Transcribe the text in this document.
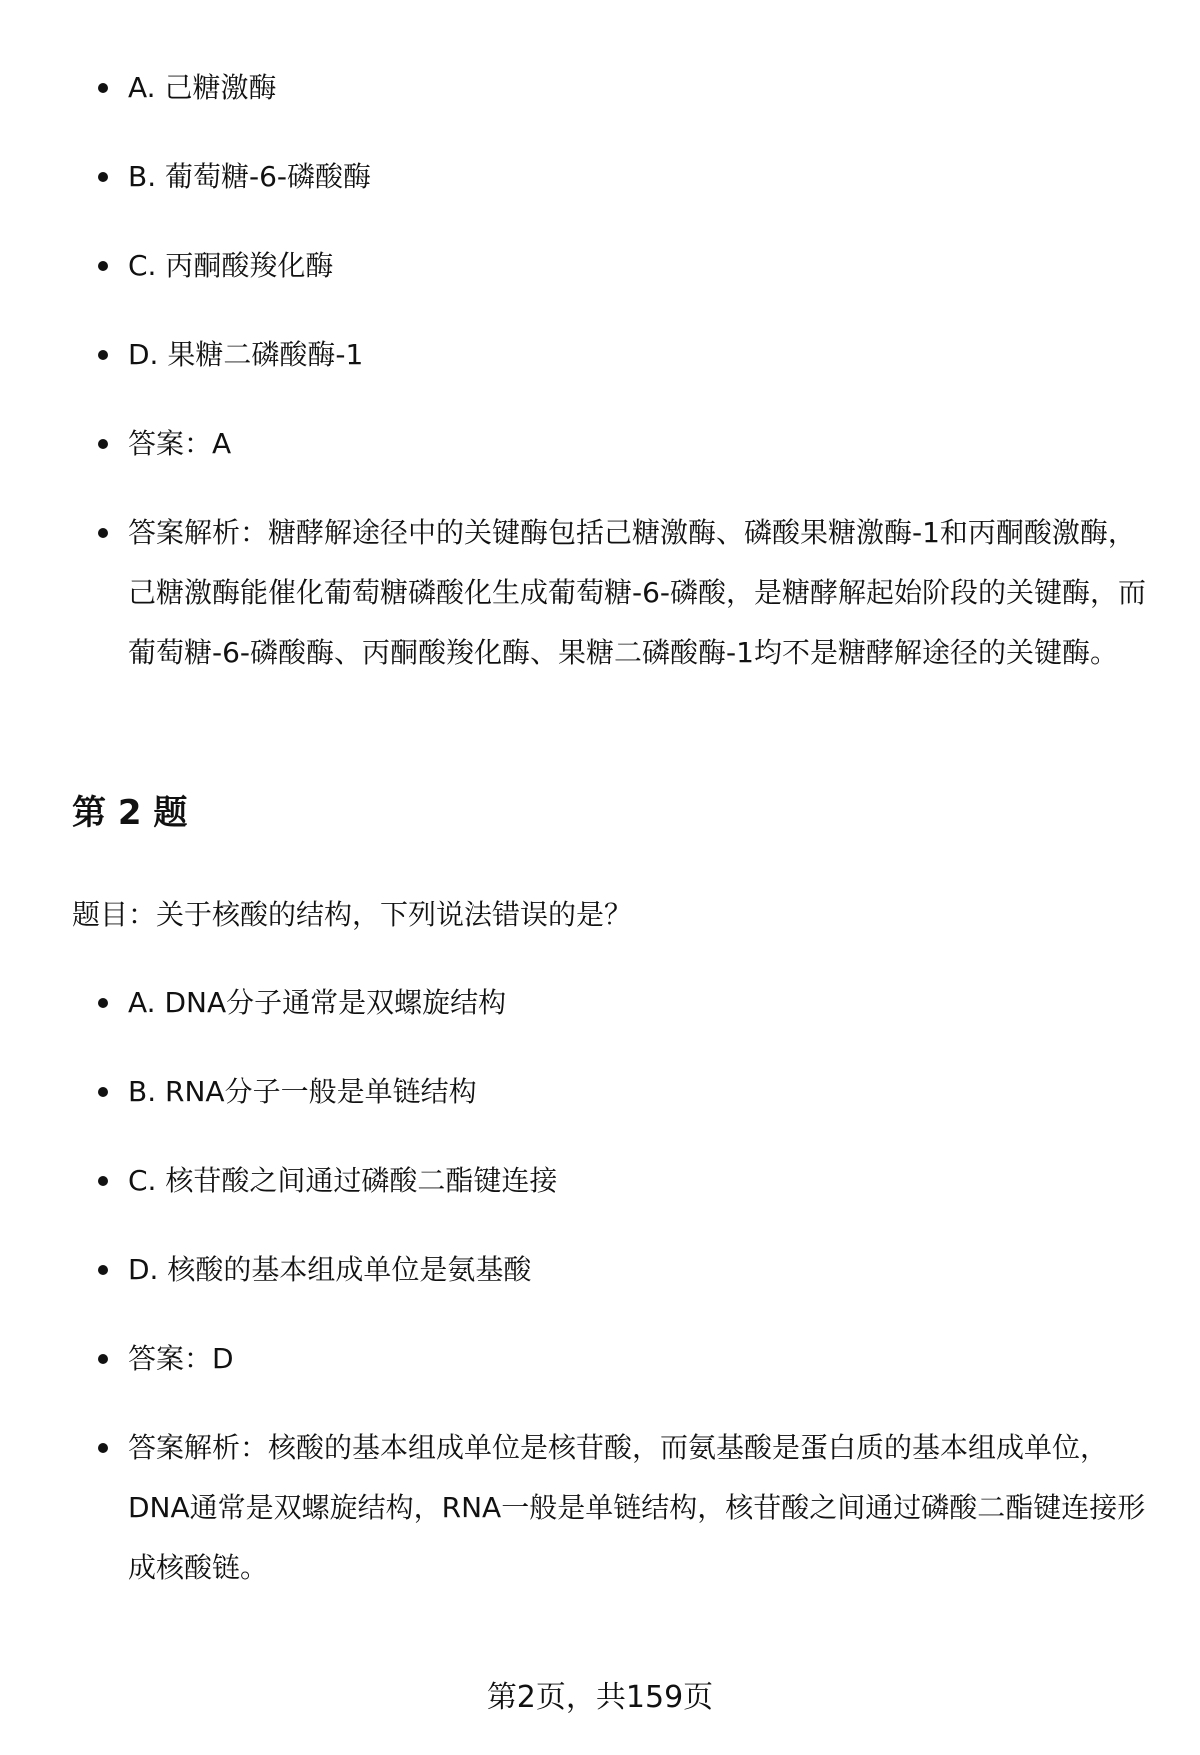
A. 己糖激酶
B. 葡萄糖-6-磷酸酶
C. 丙酮酸羧化酶
D. 果糖二磷酸酶-1
答案：A
答案解析：糖酵解途径中的关键酶包括己糖激酶、磷酸果糖激酶-1和丙酮酸激酶，己糖激酶能催化葡萄糖磷酸化生成葡萄糖-6-磷酸，是糖酵解起始阶段的关键酶，而葡萄糖-6-磷酸酶、丙酮酸羧化酶、果糖二磷酸酶-1均不是糖酵解途径的关键酶。
第 2 题

题目：关于核酸的结构，下列说法错误的是？

A. DNA分子通常是双螺旋结构
B. RNA分子一般是单链结构
C. 核苷酸之间通过磷酸二酯键连接
D. 核酸的基本组成单位是氨基酸
答案：D
答案解析：核酸的基本组成单位是核苷酸，而氨基酸是蛋白质的基本组成单位，DNA通常是双螺旋结构，RNA一般是单链结构，核苷酸之间通过磷酸二酯键连接形成核酸链。
第2页，共159页
